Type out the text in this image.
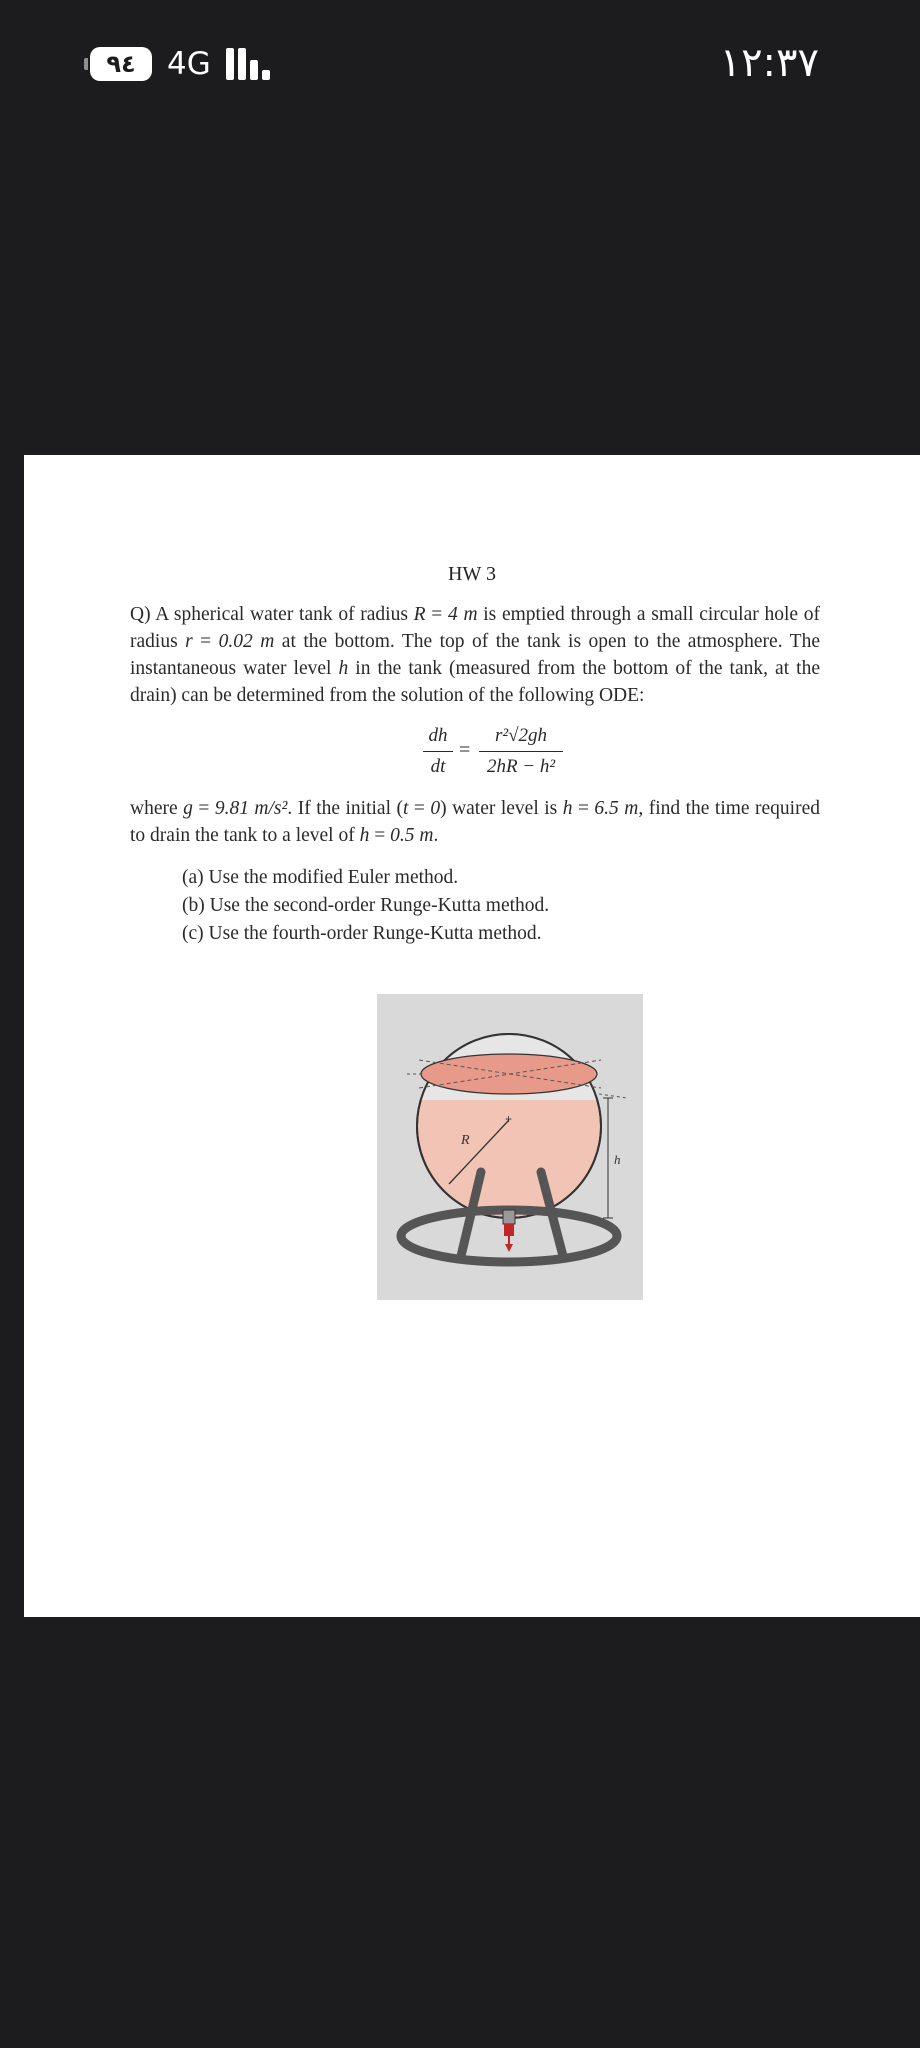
٩٤	4G	١٢:٣٧
HW 3

Q) A spherical water tank of radius R = 4 m is emptied through a small circular hole of radius r = 0.02 m at the bottom. The top of the tank is open to the atmosphere. The instantaneous water level h in the tank (measured from the bottom of the tank, at the drain) can be determined from the solution of the following ODE:

dh
dt
=
r²√2gh
2hR − h²

where g = 9.81 m/s². If the initial (t = 0) water level is h = 6.5 m, find the time required to drain the tank to a level of h = 0.5 m.

(a) Use the modified Euler method.
(b) Use the second-order Runge-Kutta method.
(c) Use the fourth-order Runge-Kutta method.
+
R
h
